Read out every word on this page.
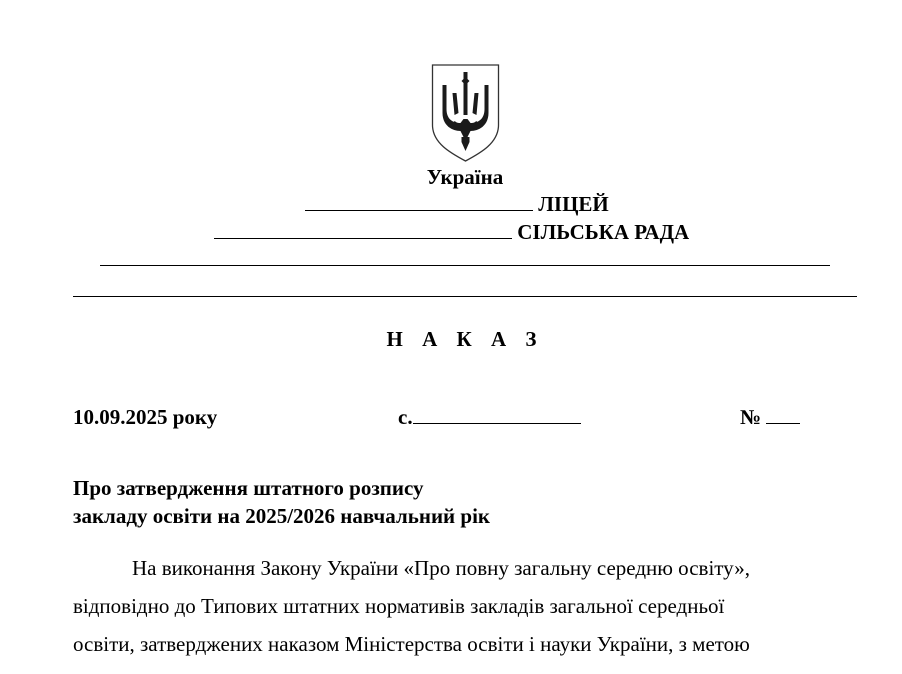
Україна
ЛІЦЕЙ
СІЛЬСЬКА РАДА
Н А К А З
10.09.2025 року	с.	№
Про затвердження штатного розпису
закладу освіти на 2025/2026 навчальний рік
На виконання Закону України «Про повну загальну середню освіту»,
відповідно до Типових штатних нормативів закладів загальної середньої
освіти, затверджених наказом Міністерства освіти і науки України, з метою
